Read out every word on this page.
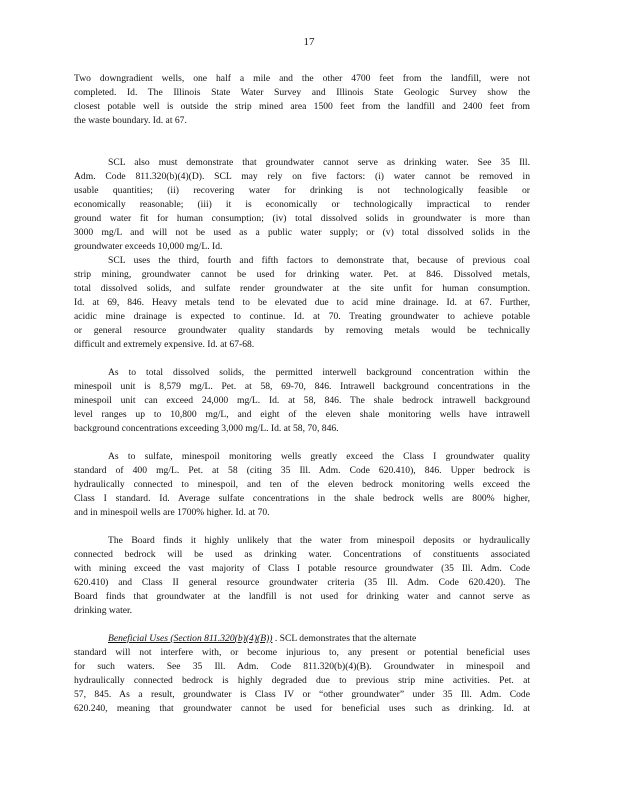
17
Two downgradient wells, one half a mile and the other 4700 feet from the landfill, were not
completed. Id. The Illinois State Water Survey and Illinois State Geologic Survey show the
closest potable well is outside the strip mined area 1500 feet from the landfill and 2400 feet from
the waste boundary. Id. at 67.
SCL also must demonstrate that groundwater cannot serve as drinking water. See 35 Ill.
Adm. Code 811.320(b)(4)(D). SCL may rely on five factors: (i) water cannot be removed in
usable quantities; (ii) recovering water for drinking is not technologically feasible or
economically reasonable; (iii) it is economically or technologically impractical to render
ground water fit for human consumption; (iv) total dissolved solids in groundwater is more than
3000 mg/L and will not be used as a public water supply; or (v) total dissolved solids in the
groundwater exceeds 10,000 mg/L. Id.
SCL uses the third, fourth and fifth factors to demonstrate that, because of previous coal
strip mining, groundwater cannot be used for drinking water. Pet. at 846. Dissolved metals,
total dissolved solids, and sulfate render groundwater at the site unfit for human consumption.
Id. at 69, 846. Heavy metals tend to be elevated due to acid mine drainage. Id. at 67. Further,
acidic mine drainage is expected to continue. Id. at 70. Treating groundwater to achieve potable
or general resource groundwater quality standards by removing metals would be technically
difficult and extremely expensive. Id. at 67-68.
As to total dissolved solids, the permitted interwell background concentration within the
minespoil unit is 8,579 mg/L. Pet. at 58, 69-70, 846. Intrawell background concentrations in the
minespoil unit can exceed 24,000 mg/L. Id. at 58, 846. The shale bedrock intrawell background
level ranges up to 10,800 mg/L, and eight of the eleven shale monitoring wells have intrawell
background concentrations exceeding 3,000 mg/L. Id. at 58, 70, 846.
As to sulfate, minespoil monitoring wells greatly exceed the Class I groundwater quality
standard of 400 mg/L. Pet. at 58 (citing 35 Ill. Adm. Code 620.410), 846. Upper bedrock is
hydraulically connected to minespoil, and ten of the eleven bedrock monitoring wells exceed the
Class I standard. Id. Average sulfate concentrations in the shale bedrock wells are 800% higher,
and in minespoil wells are 1700% higher. Id. at 70.
The Board finds it highly unlikely that the water from minespoil deposits or hydraulically
connected bedrock will be used as drinking water. Concentrations of constituents associated
with mining exceed the vast majority of Class I potable resource groundwater (35 Ill. Adm. Code
620.410) and Class II general resource groundwater criteria (35 Ill. Adm. Code 620.420). The
Board finds that groundwater at the landfill is not used for drinking water and cannot serve as
drinking water.
Beneficial Uses (Section 811.320(b)(4)(B)) . SCL demonstrates that the alternate
standard will not interfere with, or become injurious to, any present or potential beneficial uses
for such waters. See 35 Ill. Adm. Code 811.320(b)(4)(B). Groundwater in minespoil and
hydraulically connected bedrock is highly degraded due to previous strip mine activities. Pet. at
57, 845. As a result, groundwater is Class IV or “other groundwater” under 35 Ill. Adm. Code
620.240, meaning that groundwater cannot be used for beneficial uses such as drinking. Id. at
